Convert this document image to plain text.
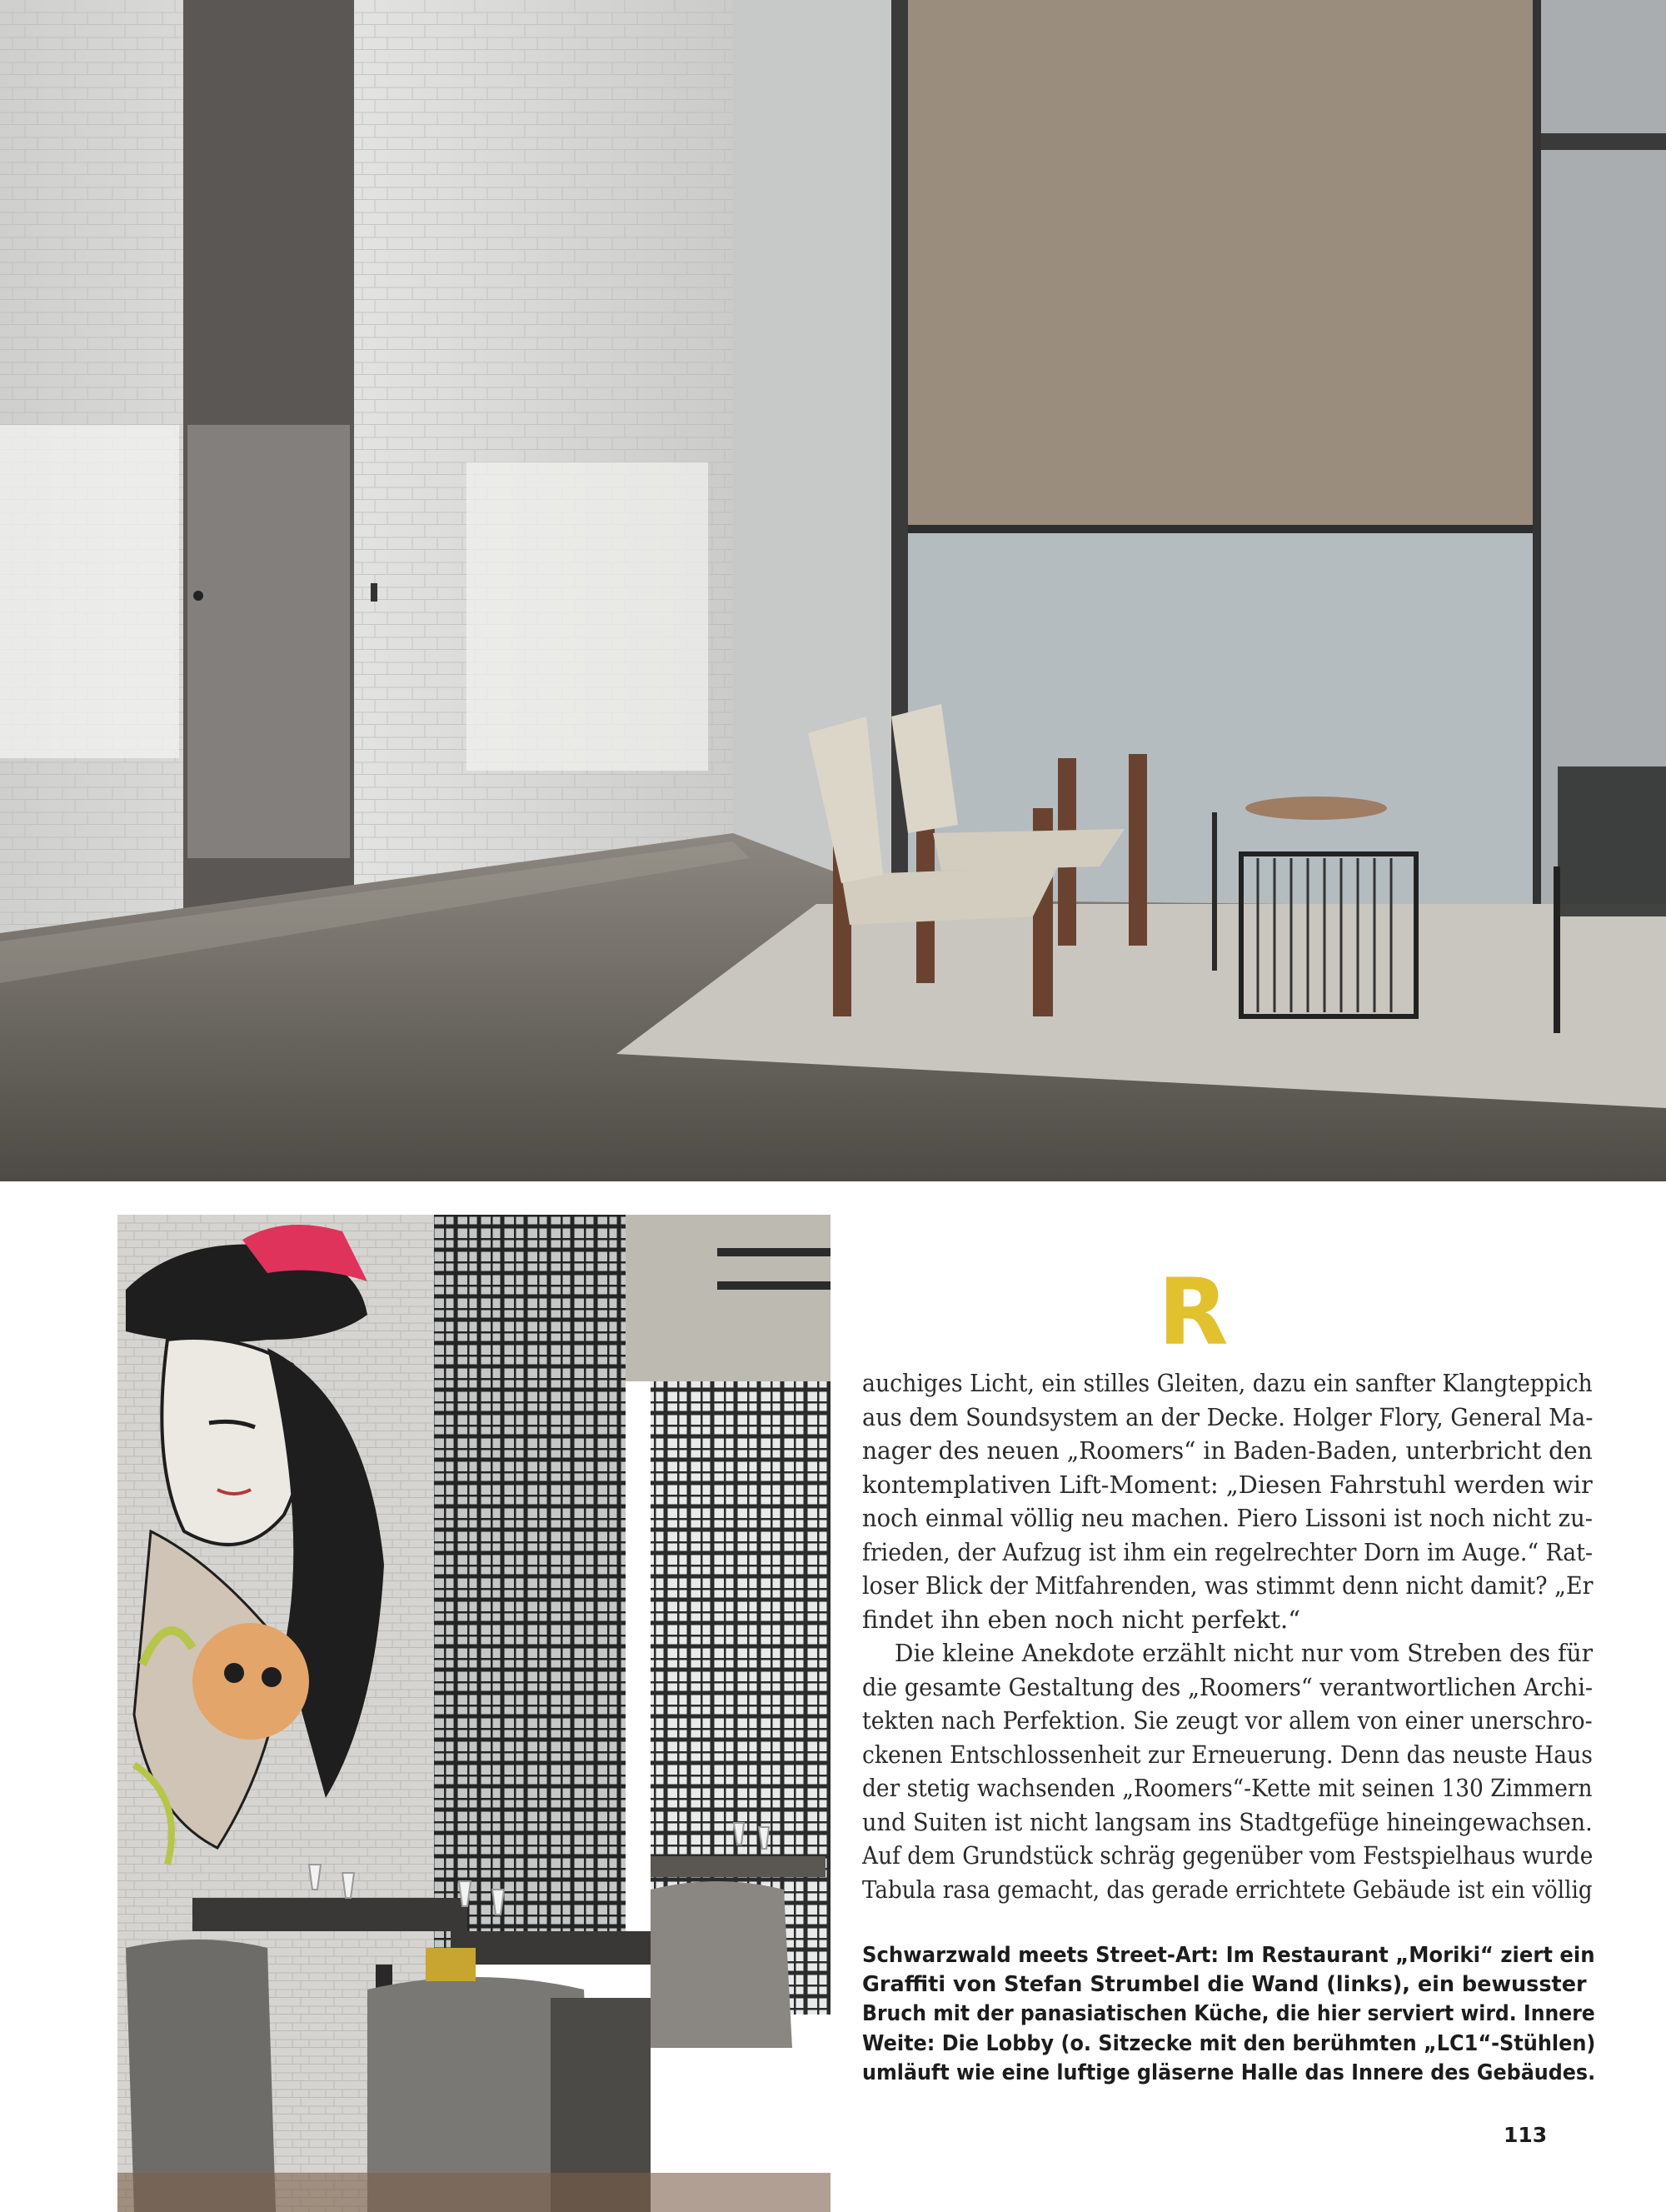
R
auchiges Licht, ein stilles Gleiten, dazu ein sanfter Klangteppich
aus dem Soundsystem an der Decke. Holger Flory, General Ma-
nager des neuen „Roomers“ in Baden-Baden, unterbricht den
kontemplativen Lift-Moment: „Diesen Fahrstuhl werden wir
noch einmal völlig neu machen. Piero Lissoni ist noch nicht zu-
frieden, der Aufzug ist ihm ein regelrechter Dorn im Auge.“ Rat-
loser Blick der Mitfahrenden, was stimmt denn nicht damit? „Er
findet ihn eben noch nicht perfekt.“
Die kleine Anekdote erzählt nicht nur vom Streben des für
die gesamte Gestaltung des „Roomers“ verantwortlichen Archi-
tekten nach Perfektion. Sie zeugt vor allem von einer unerschro-
ckenen Entschlossenheit zur Erneuerung. Denn das neuste Haus
der stetig wachsenden „Roomers“-Kette mit seinen 130 Zimmern
und Suiten ist nicht langsam ins Stadtgefüge hineingewachsen.
Auf dem Grundstück schräg gegenüber vom Festspielhaus wurde
Tabula rasa gemacht, das gerade errichtete Gebäude ist ein völlig
Schwarzwald meets Street-Art: Im Restaurant „Moriki“ ziert ein
Graffiti von Stefan Strumbel die Wand (links), ein bewusster
Bruch mit der panasiatischen Küche, die hier serviert wird. Innere
Weite: Die Lobby (o. Sitzecke mit den berühmten „LC1“-Stühlen)
umläuft wie eine luftige gläserne Halle das Innere des Gebäudes.
113
